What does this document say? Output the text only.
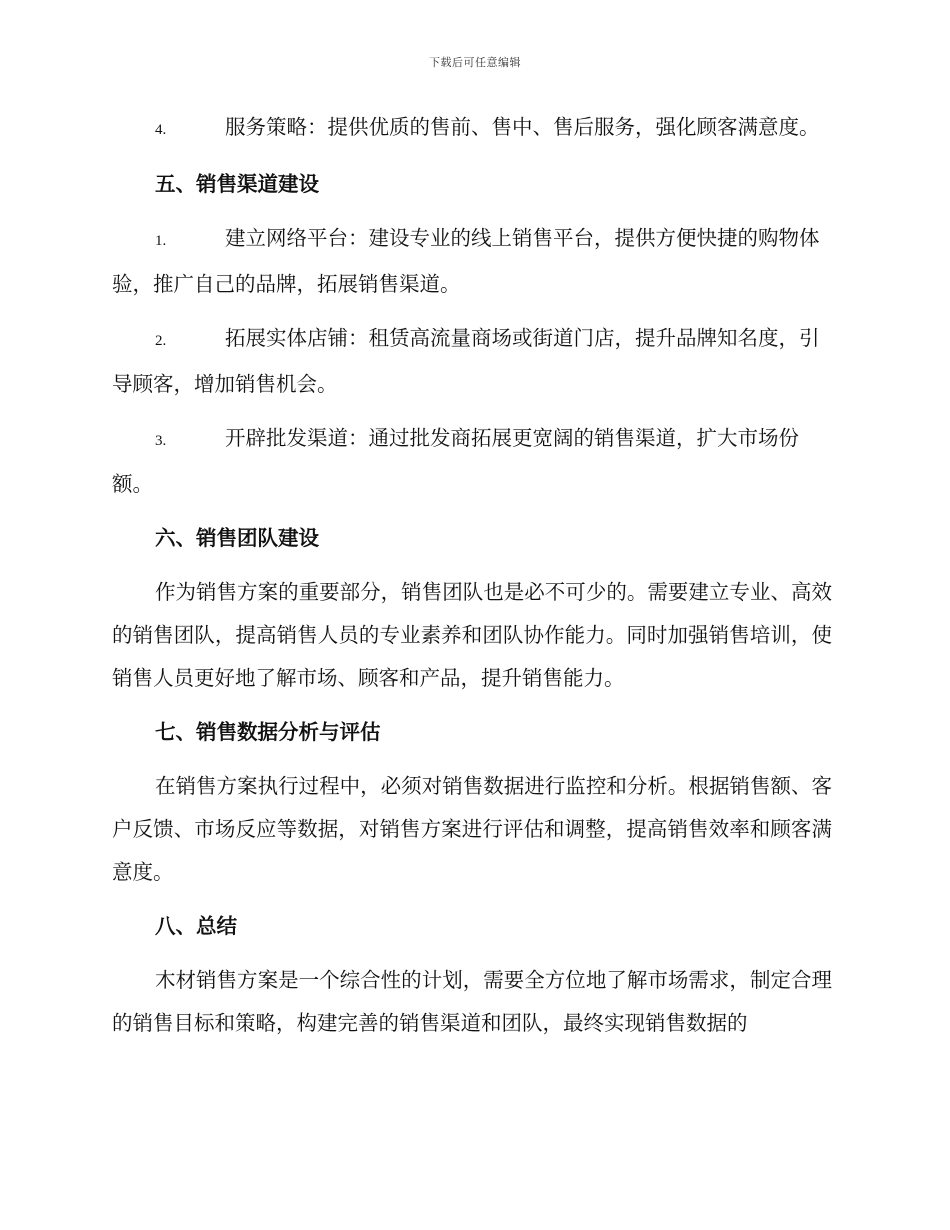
下载后可任意编辑

4.	服务策略：提供优质的售前、售中、售后服务，强化顾客满意度。

五、销售渠道建设

1.	建立网络平台：建设专业的线上销售平台，提供方便快捷的购物体验，推广自己的品牌，拓展销售渠道。

2.	拓展实体店铺：租赁高流量商场或街道门店，提升品牌知名度，引导顾客，增加销售机会。

3.	开辟批发渠道：通过批发商拓展更宽阔的销售渠道，扩大市场份额。

六、销售团队建设

作为销售方案的重要部分，销售团队也是必不可少的。需要建立专业、高效的销售团队，提高销售人员的专业素养和团队协作能力。同时加强销售培训，使销售人员更好地了解市场、顾客和产品，提升销售能力。

七、销售数据分析与评估

在销售方案执行过程中，必须对销售数据进行监控和分析。根据销售额、客户反馈、市场反应等数据，对销售方案进行评估和调整，提高销售效率和顾客满意度。

八、总结

木材销售方案是一个综合性的计划，需要全方位地了解市场需求，制定合理的销售目标和策略，构建完善的销售渠道和团队，最终实现销售数据的
